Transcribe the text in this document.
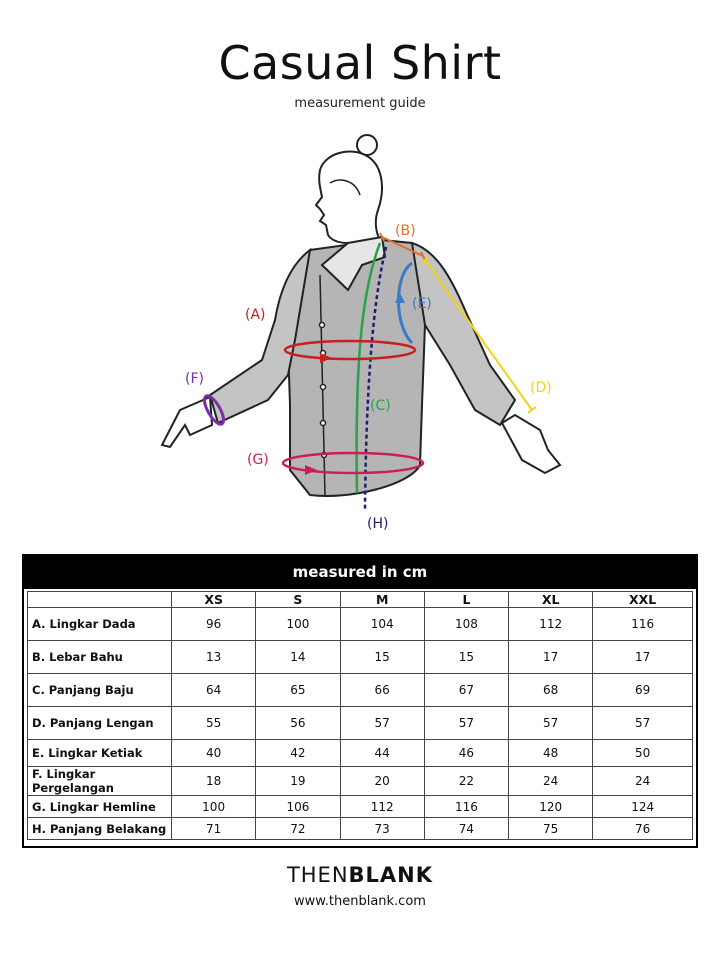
Casual Shirt
measurement guide
(A)
(B)
(C)
(D)
(E)
(F)
(G)
(H)
measured in cm
	XS	S	M	L	XL	XXL
A. Lingkar Dada	96	100	104	108	112	116
B. Lebar Bahu	13	14	15	15	17	17
C. Panjang Baju	64	65	66	67	68	69
D. Panjang Lengan	55	56	57	57	57	57
E. Lingkar Ketiak	40	42	44	46	48	50
F. Lingkar Pergelangan	18	19	20	22	24	24
G. Lingkar Hemline	100	106	112	116	120	124
H. Panjang Belakang	71	72	73	74	75	76
THENBLANK
www.thenblank.com
